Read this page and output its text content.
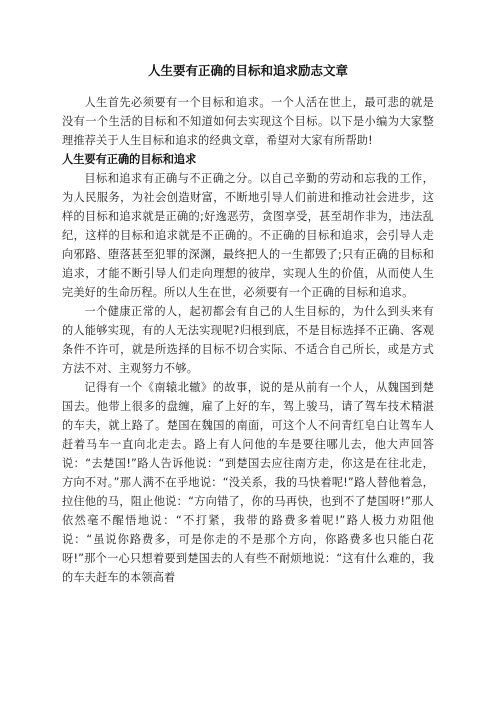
人生要有正确的目标和追求励志文章

人生首先必须要有一个目标和追求。一个人活在世上，最可悲的就是没有一个生活的目标和不知道如何去实现这个目标。以下是小编为大家整理推荐关于人生目标和追求的经典文章，希望对大家有所帮助!

人生要有正确的目标和追求

目标和追求有正确与不正确之分。以自己辛勤的劳动和忘我的工作，为人民服务，为社会创造财富，不断地引导人们前进和推动社会进步，这样的目标和追求就是正确的;好逸恶劳，贪图享受，甚至胡作非为，违法乱纪，这样的目标和追求就是不正确的。不正确的目标和追求，会引导人走向邪路、堕落甚至犯罪的深渊，最终把人的一生都毁了;只有正确的目标和追求，才能不断引导人们走向理想的彼岸，实现人生的价值，从而使人生完美好的生命历程。所以人生在世，必须要有一个正确的目标和追求。

一个健康正常的人，起初都会有自己的人生目标的，为什么到头来有的人能够实现，有的人无法实现呢?归根到底，不是目标选择不正确、客观条件不许可，就是所选择的目标不切合实际、不适合自己所长，或是方式方法不对、主观努力不够。

记得有一个《南辕北辙》的故事，说的是从前有一个人，从魏国到楚国去。他带上很多的盘缠，雇了上好的车，驾上骏马，请了驾车技术精湛的车夫，就上路了。楚国在魏国的南面，可这个人不问青红皂白让驾车人赶着马车一直向北走去。路上有人问他的车是要往哪儿去，他大声回答说：“去楚国!”路人告诉他说：“到楚国去应往南方走，你这是在往北走，方向不对。”那人满不在乎地说：“没关系，我的马快着呢!”路人替他着急，拉住他的马，阻止他说：“方向错了，你的马再快，也到不了楚国呀!”那人依然毫不醒悟地说：“不打紧，我带的路费多着呢!”路人极力劝阻他说：“虽说你路费多，可是你走的不是那个方向，你路费多也只能白花呀!”那个一心只想着要到楚国去的人有些不耐烦地说：“这有什么难的，我的车夫赶车的本领高着
